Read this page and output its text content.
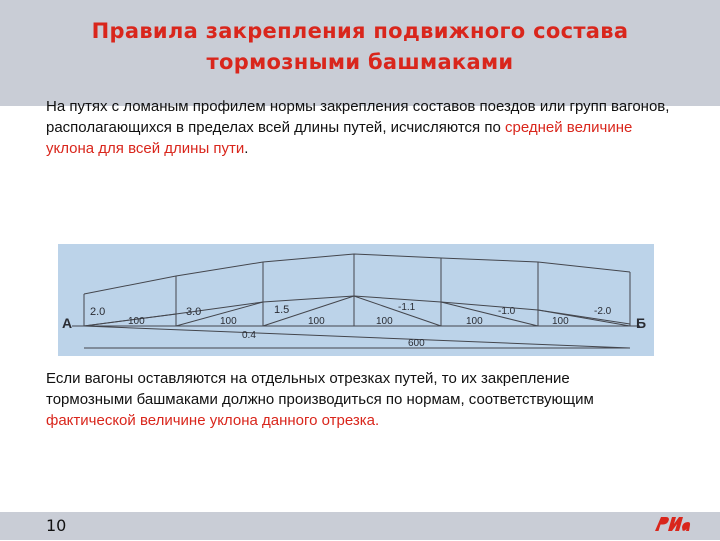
Правила закрепления подвижного состава
тормозными башмаками
На путях с ломаным профилем нормы закрепления составов поездов или групп вагонов, располагающихся в пределах всей длины путей, исчисляются по средней величине уклона для всей длины пути.
А	Б
2.0	3.0	1.5	-1.1	-1.0	-2.0
100	100	100	100	100	100
0.4
600
Если вагоны оставляются на отдельных отрезках путей, то их закрепление тормозными башмаками должно производиться по нормам, соответствующим фактической величине уклона данного отрезка.
10
